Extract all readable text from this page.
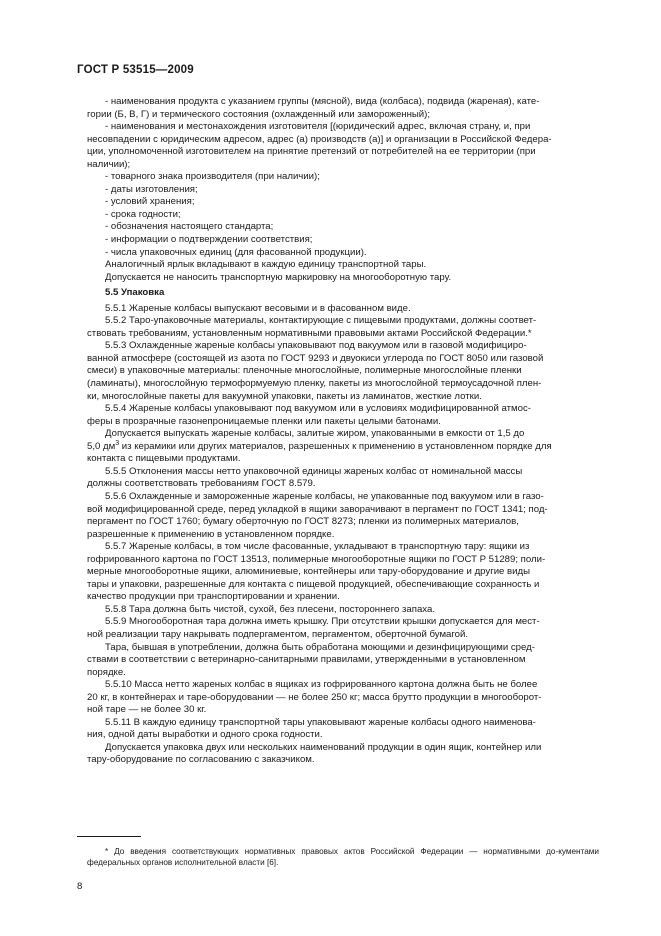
ГОСТ Р 53515—2009

- наименования продукта с указанием группы (мясной), вида (колбаса), подвида (жареная), кате-

гории (Б, В, Г) и термического состояния (охлажденный или замороженный);

- наименования и местонахождения изготовителя [(юридический адрес, включая страну, и, при

несовпадении с юридическим адресом, адрес (а) производств (а)] и организации в Российской Федера-

ции, уполномоченной изготовителем на принятие претензий от потребителей на ее территории (при

наличии);

- товарного знака производителя (при наличии);

- даты изготовления;

- условий хранения;

- срока годности;

- обозначения настоящего стандарта;

- информации о подтверждении соответствия;

- числа упаковочных единиц (для фасованной продукции).

Аналогичный ярлык вкладывают в каждую единицу транспортной тары.

Допускается не наносить транспортную маркировку на многооборотную тару.

5.5 Упаковка

5.5.1 Жареные колбасы выпускают весовыми и в фасованном виде.

5.5.2 Таро-упаковочные материалы, контактирующие с пищевыми продуктами, должны соответ-

ствовать требованиям, установленным нормативными правовыми актами Российской Федерации.*

5.5.3 Охлажденные жареные колбасы упаковывают под вакуумом или в газовой модифициро-

ванной атмосфере (состоящей из азота по ГОСТ 9293 и двуокиси углерода по ГОСТ 8050 или газовой

смеси) в упаковочные материалы: пленочные многослойные, полимерные многослойные пленки

(ламинаты), многослойную термоформуемую пленку, пакеты из многослойной термоусадочной плен-

ки, многослойные пакеты для вакуумной упаковки, пакеты из ламинатов, жесткие лотки.

5.5.4 Жареные колбасы упаковывают под вакуумом или в условиях модифицированной атмос-

феры в прозрачные газонепроницаемые пленки или пакеты целыми батонами.

Допускается выпускать жареные колбасы, залитые жиром, упакованными в емкости от 1,5 до

5,0 $дм^3$ из керамики или других материалов, разрешенных к применению в установленном порядке для

контакта с пищевыми продуктами.

5.5.5 Отклонения массы нетто упаковочной единицы жареных колбас от номинальной массы

должны соответствовать требованиям ГОСТ 8.579.

5.5.6 Охлажденные и замороженные жареные колбасы, не упакованные под вакуумом или в газо-

вой модифицированной среде, перед укладкой в ящики заворачивают в пергамент по ГОСТ 1341; под-

пергамент по ГОСТ 1760; бумагу оберточную по ГОСТ 8273; пленки из полимерных материалов,

разрешенные к применению в установленном порядке.

5.5.7 Жареные колбасы, в том числе фасованные, укладывают в транспортную тару: ящики из

гофрированного картона по ГОСТ 13513, полимерные многооборотные ящики по ГОСТ Р 51289; поли-

мерные многооборотные ящики, алюминиевые, контейнеры или тару-оборудование и другие виды

тары и упаковки, разрешенные для контакта с пищевой продукцией, обеспечивающие сохранность и

качество продукции при транспортировании и хранении.

5.5.8 Тара должна быть чистой, сухой, без плесени, постороннего запаха.

5.5.9 Многооборотная тара должна иметь крышку. При отсутствии крышки допускается для мест-

ной реализации тару накрывать подпергаментом, пергаментом, оберточной бумагой.

Тара, бывшая в употреблении, должна быть обработана моющими и дезинфицирующими сред-

ствами в соответствии с ветеринарно-санитарными правилами, утвержденными в установленном

порядке.

5.5.10 Масса нетто жареных колбас в ящиках из гофрированного картона должна быть не более

20 кг, в контейнерах и таре-оборудовании — не более 250 кг; масса брутто продукции в многооборот-

ной таре — не более 30 кг.

5.5.11 В каждую единицу транспортной тары упаковывают жареные колбасы одного наименова-

ния, одной даты выработки и одного срока годности.

Допускается упаковка двух или нескольких наименований продукции в один ящик, контейнер или

тару-оборудование по согласованию с заказчиком.

* До введения соответствующих нормативных правовых актов Российской Федерации — нормативными до-кументами федеральных органов исполнительной власти [6].
8
